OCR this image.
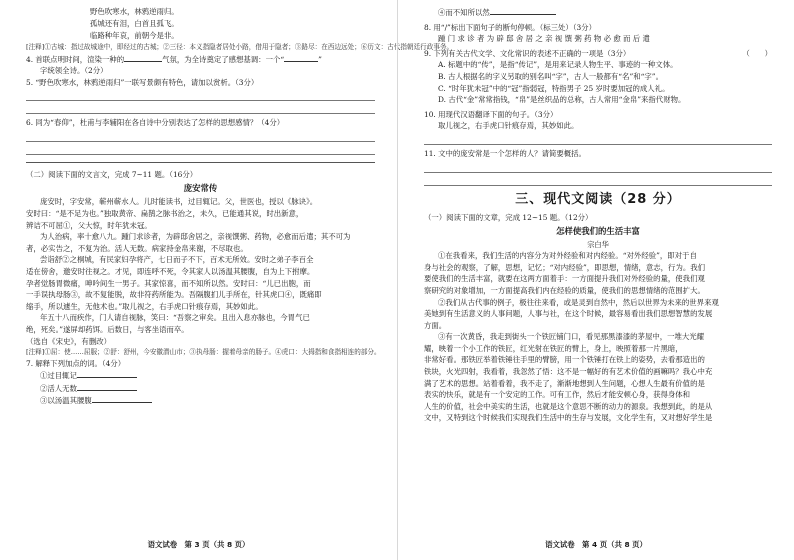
野色吹寒水，林鸦逆雨归。
孤城还有泪，白首且孤飞。
临路种年哀，前朝今是非。

[注释]①古城：指过故城途中，即经过的古城；②三径：本义指隐者居处小路，借用于隐者；③路尽：在西边远处；⑥历文：古代指朝廷行政事务。

4. 首联点明时间，渲染一种的	气氛，为全诗奠定了感想基调：一个“	”

字统领全诗。（2分）

5. “野色吹寒水，林鸦逆雨归”一联写景颇有特色，请加以赏析。（3分）

6. 同为“春仰”，杜甫与李辅阳在各自诗中分别表达了怎样的思想感情？（4分）

（二）阅读下面的文言文，完成 7~11 题。（16分）

庞安常传

庞安时，字安常，蕲州蕲水人。儿时能读书，过目辄记。父，世医也，授以《脉诀》。

安时曰：“是不足为也。”独取黄帝、扁鹊之脉书治之，未久，已能通其说，时出新意，

辨诘不可屈①，父大惊，时年犹未冠。

为人治病，率十愈八九。踵门求诊者，为辟邸舍居之，亲视馔粥、药物，必愈而后遣；其不可为

者，必实告之，不复为治。活人无数。病家持金帛来谢，不尽取也。

尝诣舒②之桐城，有民家妇孕将产，七日而子不下，百术无所效。安时之弟子李百全

适在傍舍，邀安时往视之。才见，即连呼不死，令其家人以汤温其腰腹，自为上下拊摩。

孕者觉肠胃微痛，呻吟间生一男子。其家惊喜，而不知所以然。安时曰：“儿已出胞，而

一手误执母肠③，故不复能脱，故非符药所能为。吾隔腹扪儿手所在，针其虎口④，既痛即

缩手，所以遽生，无他术也。”取儿视之，右手虎口针痕存焉，其妙如此。

年五十八而疾作，门人请自视脉，笑曰：“吾察之审矣。且出入息亦脉也，今胃气已

绝，死矣。”遂屏却药饵。后数日，与客坐语而卒。

（选自《宋史》，有删改）

[注释]①屈：使……屈服；②舒：舒州，今安徽潜山市；③执母肠：握着母亲的肠子。④虎口：大拇指和食指相连的部分。

7. 解释下列加点的词。（4分）

①过目辄记

②活人无数

③以汤温其腰腹

语文试卷　第 3 页（共 8 页）

④而不知所以然

8. 用“/”标出下面句子的断句停顿。（标三处）（3分）

踵 门 求 诊 者 为 辟 邸 舍 居 之 亲 视 馔 粥 药 物 必 愈 而 后 遣

9. 下列有关古代文学、文化常识的表述不正确的一项是（3分）	（　　）

A. 标题中的“传”，是指“传记”，是用来记录人物生平、事迹的一种文体。

B. 古人根据名的字义另取的别名叫“字”，古人一般都有“名”和“字”。

C. “时年犹未冠”中的“冠”指弱冠，特指男子 25 岁时要加冠的成人礼。

D. 古代“金”常常指钱，“帛”是丝织品的总称，古人常用“金帛”来指代财物。

10. 用现代汉语翻译下面的句子。（3分）

取儿视之，右手虎口针痕存焉，其妙如此。

11. 文中的庞安常是一个怎样的人？请简要概括。

三、现代文阅读（28 分）

（一）阅读下面的文章，完成 12~15 题。（12分）

怎样使我们的生活丰富
宗白华

①在我看来，我们生活的内容分为对外经验和对内经验。“对外经验”，即对于自

身与社会的观察，了解，思想，记忆；“对内经验”，即思想，情绪，意志，行为。我们

要使我们的生活丰富，就要在这两方面着手：一方面提升我们对外经验的量，使我们观

察研究的对象增加，一方面提高我们内在经验的质量，使我们的思想情绪的范围扩大。

②我们从古代事的例子，极往往来看，或是灵到自然中，然后以世界为未来的世界来观

美她到有生活意义的人事问题，人事与社，在这个时候，最容易看出我们思想智慧的发展

方面。

③有一次黄昏，我走到街头一个铁匠铺门口，看见那黑漆漆的茅屋中，一堆大光耀

耀，映着一个小工作的铁匠，红光射在铁匠的臂上，身上，映照着那一片黑暗，

非常好看。那铁匠举着铁锤往手里的臂膀，用一个铁锤打在铁上的姿势，去看那造出的

铁块，火光四射，我看着，我忽然了悟：这不是一幅好的有艺术价值的画嘛吗？我心中充

满了艺术的思想。站着看着，我不走了，渐渐地想到人生问题，心想人生最有价值的是

表实的快乐，就是有一个安定的工作。可有工作，然后才能安顿心身，获得身体和

人生的价值，社会中美实的生活，也就是这个意思不断的动力的源泉。我想到此，的是从

文中，又特到这个时候我们实现我们生活中的生存与发展，文化学生有，又对想好学生是

语文试卷　第 4 页（共 8 页）
